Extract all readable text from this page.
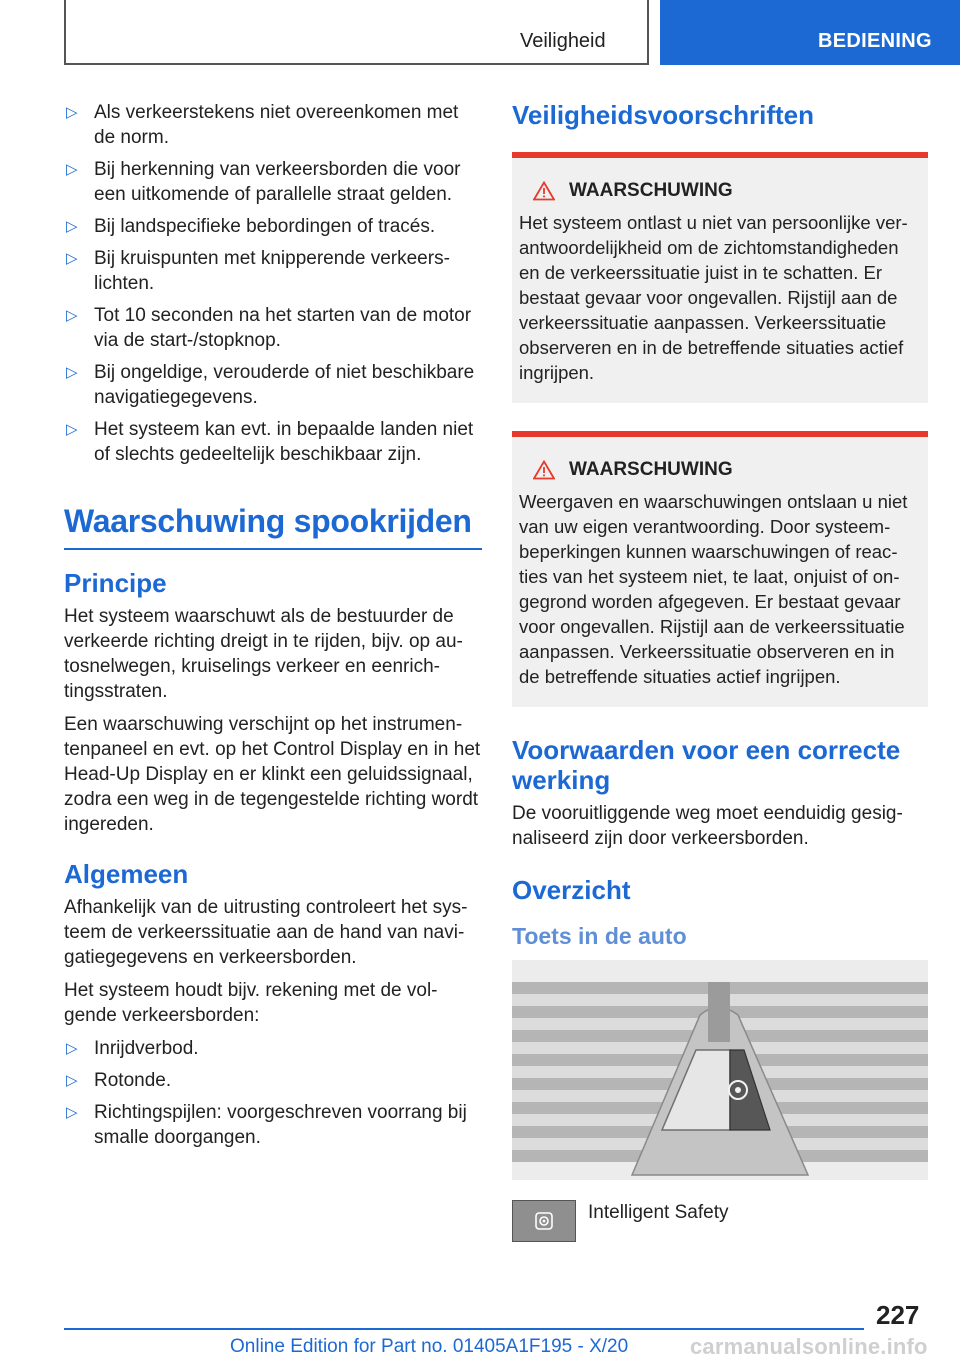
Veiligheid	BEDIENING
▷ Als verkeerstekens niet overeenkomen met de norm.
▷ Bij herkenning van verkeersborden die voor een uitkomende of parallelle straat gelden.
▷ Bij landspecifieke bebordingen of tracés.
▷ Bij kruispunten met knipperende verkeerslichten.
▷ Tot 10 seconden na het starten van de motor via de start-/stopknop.
▷ Bij ongeldige, verouderde of niet beschikbare navigatiegegevens.
▷ Het systeem kan evt. in bepaalde landen niet of slechts gedeeltelijk beschikbaar zijn.
Waarschuwing spookrijden
Principe

Het systeem waarschuwt als de bestuurder de verkeerde richting dreigt in te rijden, bijv. op autosnelwegen, kruiselings verkeer en eenrichtingsstraten.

Een waarschuwing verschijnt op het instrumentenpaneel en evt. op het Control Display en in het Head-Up Display en er klinkt een geluidssignaal, zodra een weg in de tegengestelde richting wordt ingereden.

Algemeen

Afhankelijk van de uitrusting controleert het systeem de verkeerssituatie aan de hand van navigatiegegevens en verkeersborden.

Het systeem houdt bijv. rekening met de volgende verkeersborden:

▷ Inrijdverbod.
▷ Rotonde.
▷ Richtingspijlen: voorgeschreven voorrang bij smalle doorgangen.
Veiligheidsvoorschriften
WAARSCHUWING

Het systeem ontlast u niet van persoonlijke verantwoordelijkheid om de zichtomstandigheden en de verkeerssituatie juist in te schatten. Er bestaat gevaar voor ongevallen. Rijstijl aan de verkeerssituatie aanpassen. Verkeerssituatie observeren en in de betreffende situaties actief ingrijpen.

WAARSCHUWING

Weergaven en waarschuwingen ontslaan u niet van uw eigen verantwoording. Door systeembeperkingen kunnen waarschuwingen of reacties van het systeem niet, te laat, onjuist of ongegrond worden afgegeven. Er bestaat gevaar voor ongevallen. Rijstijl aan de verkeerssituatie aanpassen. Verkeerssituatie observeren en in de betreffende situaties actief ingrijpen.

Voorwaarden voor een correcte werking

De vooruitliggende weg moet eenduidig gesignaliseerd zijn door verkeersborden.

Overzicht
Toets in de auto
Intelligent Safety
227
Online Edition for Part no. 01405A1F195 - X/20	carmanualsonline.info
